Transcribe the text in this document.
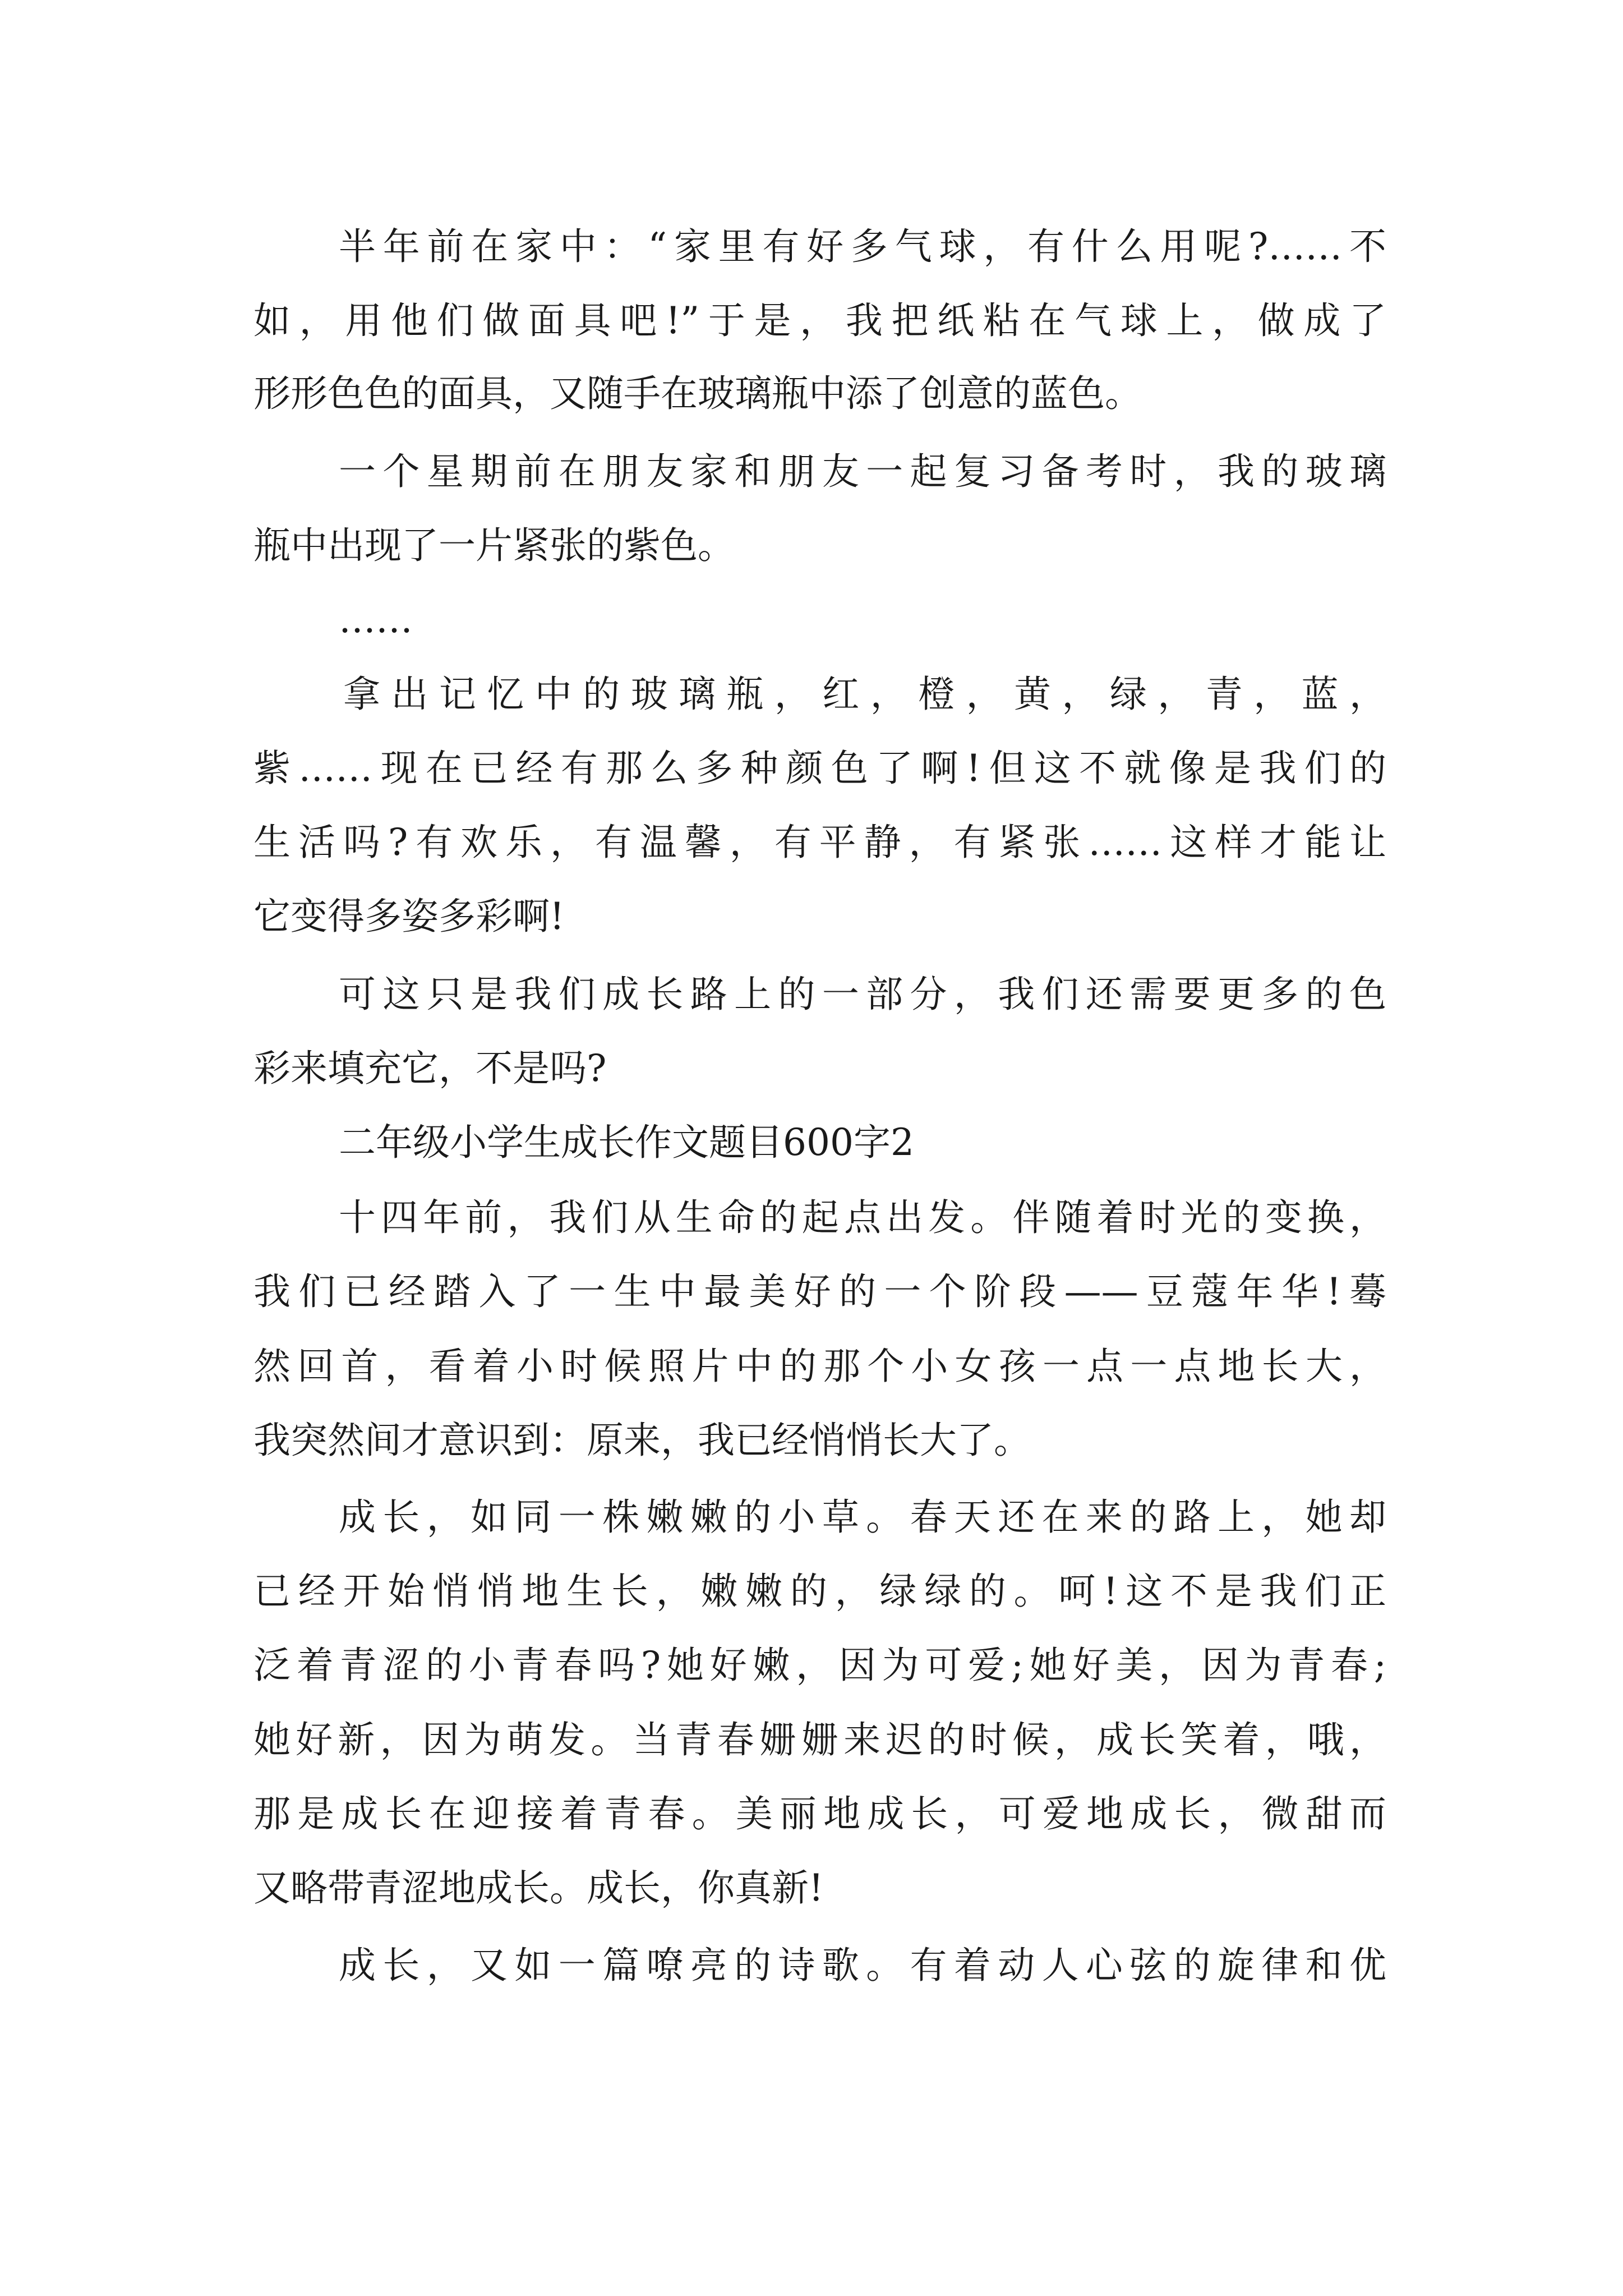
半年前在家中：“家里有好多气球，有什么用呢?……不
如，用他们做面具吧!”于是，我把纸粘在气球上，做成了
形形色色的面具，又随手在玻璃瓶中添了创意的蓝色。
一个星期前在朋友家和朋友一起复习备考时，我的玻璃
瓶中出现了一片紧张的紫色。
……
拿出记忆中的玻璃瓶，红，橙，黄，绿，青，蓝，
紫……现在已经有那么多种颜色了啊!但这不就像是我们的
生活吗?有欢乐，有温馨，有平静，有紧张……这样才能让
它变得多姿多彩啊!
可这只是我们成长路上的一部分，我们还需要更多的色
彩来填充它，不是吗?
二年级小学生成长作文题目600字2
十四年前，我们从生命的起点出发。伴随着时光的变换，
我们已经踏入了一生中最美好的一个阶段——豆蔻年华!蓦
然回首，看着小时候照片中的那个小女孩一点一点地长大，
我突然间才意识到：原来，我已经悄悄长大了。
成长，如同一株嫩嫩的小草。春天还在来的路上，她却
已经开始悄悄地生长，嫩嫩的，绿绿的。呵!这不是我们正
泛着青涩的小青春吗?她好嫩，因为可爱;她好美，因为青春;
她好新，因为萌发。当青春姗姗来迟的时候，成长笑着，哦，
那是成长在迎接着青春。美丽地成长，可爱地成长，微甜而
又略带青涩地成长。成长，你真新!
成长，又如一篇嘹亮的诗歌。有着动人心弦的旋律和优
